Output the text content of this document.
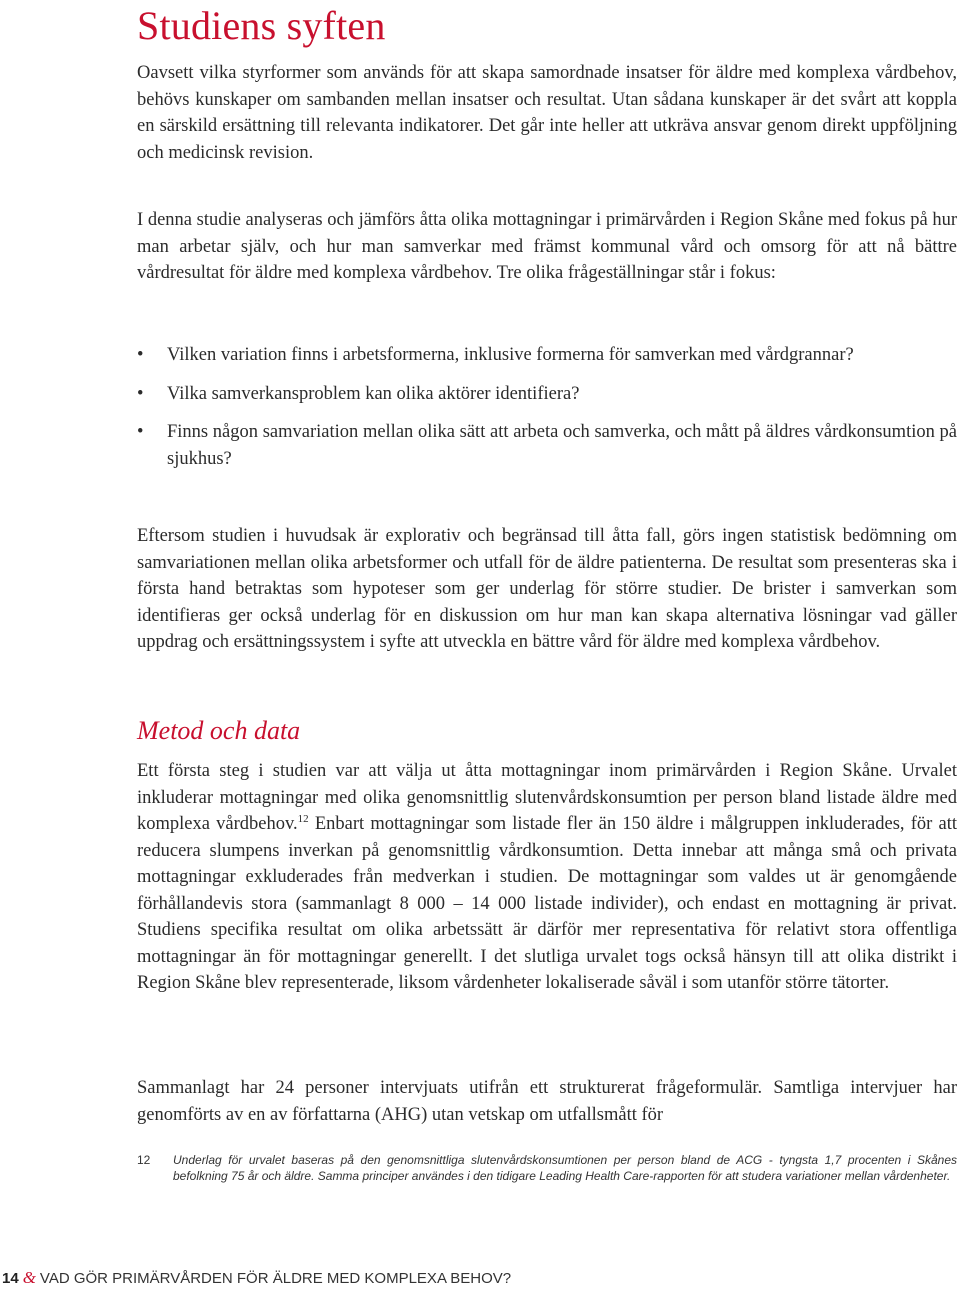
Studiens syften

Oavsett vilka styrformer som används för att skapa samordnade insatser för äldre med komplexa vårdbehov, behövs kunskaper om sambanden mellan insatser och resultat. Utan sådana kunskaper är det svårt att koppla en särskild ersättning till relevanta indikatorer. Det går inte heller att utkräva ansvar genom direkt uppföljning och medicinsk revision.

I denna studie analyseras och jämförs åtta olika mottagningar i primärvården i Region Skåne med fokus på hur man arbetar själv, och hur man samverkar med främst kommunal vård och omsorg för att nå bättre vårdresultat för äldre med komplexa vårdbehov. Tre olika frågeställningar står i fokus:

• Vilken variation finns i arbetsformerna, inklusive formerna för samverkan med vårdgrannar?
• Vilka samverkansproblem kan olika aktörer identifiera?
• Finns någon samvariation mellan olika sätt att arbeta och samverka, och mått på äldres vårdkonsumtion på sjukhus?

Eftersom studien i huvudsak är explorativ och begränsad till åtta fall, görs ingen statistisk bedömning om samvariationen mellan olika arbetsformer och utfall för de äldre patienterna. De resultat som presenteras ska i första hand betraktas som hypoteser som ger underlag för större studier. De brister i samverkan som identifieras ger också underlag för en diskussion om hur man kan skapa alternativa lösningar vad gäller uppdrag och ersättningssystem i syfte att utveckla en bättre vård för äldre med komplexa vårdbehov.

Metod och data

Ett första steg i studien var att välja ut åtta mottagningar inom primärvården i Region Skåne. Urvalet inkluderar mottagningar med olika genomsnittlig slutenvårdskonsumtion per person bland listade äldre med komplexa vårdbehov.$^{12}$ Enbart mottagningar som listade fler än 150 äldre i målgruppen inkluderades, för att reducera slumpens inverkan på genomsnittlig vårdkonsumtion. Detta innebar att många små och privata mottagningar exkluderades från medverkan i studien. De mottagningar som valdes ut är genomgående förhållandevis stora (sammanlagt 8 000 – 14 000 listade individer), och endast en mottagning är privat. Studiens specifika resultat om olika arbetssätt är därför mer representativa för relativt stora offentliga mottagningar än för mottagningar generellt. I det slutliga urvalet togs också hänsyn till att olika distrikt i Region Skåne blev representerade, liksom vårdenheter lokaliserade såväl i som utanför större tätorter.

Sammanlagt har 24 personer intervjuats utifrån ett strukturerat frågeformulär. Samtliga intervjuer har genomförts av en av författarna (AHG) utan vetskap om utfallsmått för

12 Underlag för urvalet baseras på den genomsnittliga slutenvårdskonsumtionen per person bland de ACG - tyngsta 1,7 procenten i Skånes befolkning 75 år och äldre. Samma principer användes i den tidigare Leading Health Care-rapporten för att studera variationer mellan vårdenheter.
14 & VAD GÖR PRIMÄRVÅRDEN FÖR ÄLDRE MED KOMPLEXA BEHOV?
